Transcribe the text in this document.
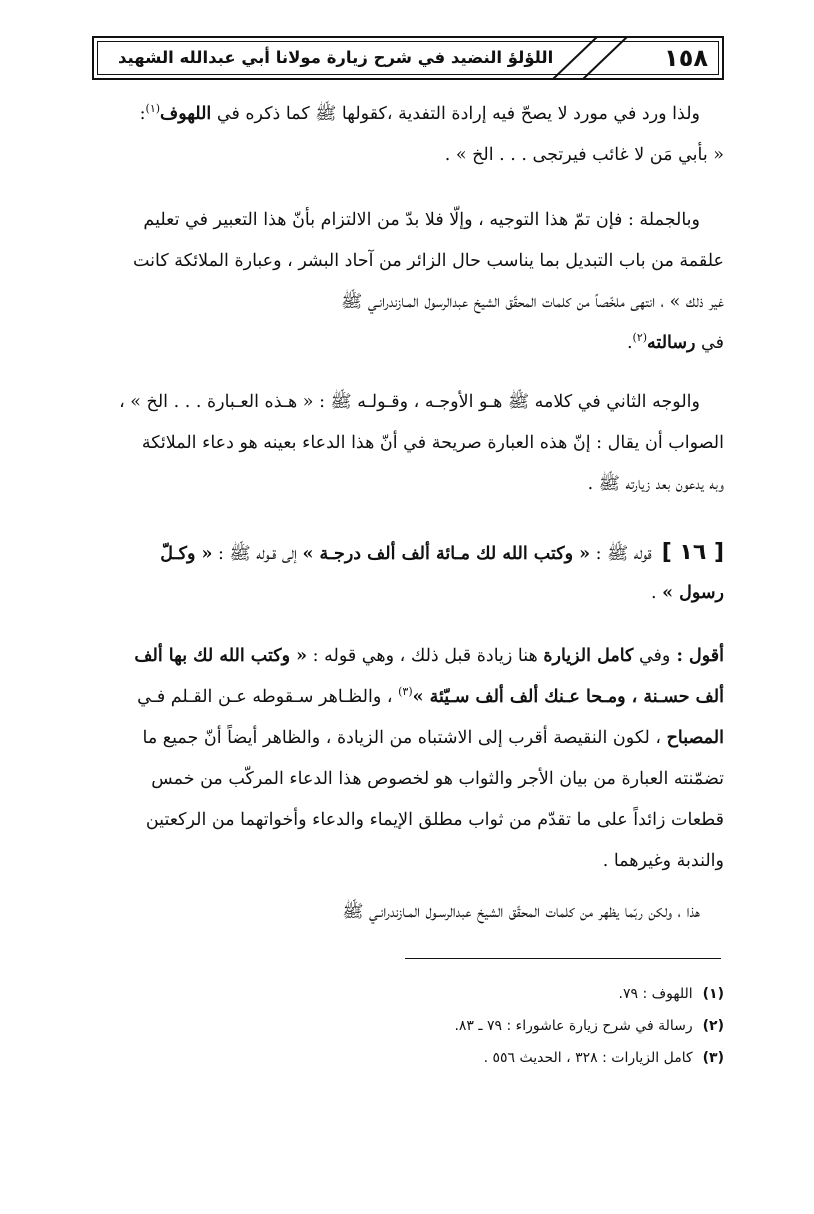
١٥٨
اللؤلؤ النضيد في شرح زيارة مولانا أبي عبدالله الشهيد
ولذا ورد في مورد لا يصحّ فيه إرادة التفدية ،كقولها ﷺ كما ذكره في اللهوف$^{(١)}$:
« بأبي مَن لا غائب فيرتجى . . . الخ » .
وبالجملة : فإن تمّ هذا التوجيه ، وإلّا فلا بدّ من الالتزام بأنّ هذا التعبير في تعليم
علقمة من باب التبديل بما يناسب حال الزائر من آحاد البشر ، وعبارة الملائكة كانت
غير ذلك » ، انتهى ملخّصاً من كلمات المحقّق الشيخ عبدالرسول المـازندرانـي ﷺ
في رسالته$^{(٢)}$.
والوجه الثاني في كلامه ﷺ هـو الأوجـه ، وقـولـه ﷺ : « هـذه العـبارة . . . الخ » ،
الصواب أن يقال : إنّ هذه العبارة صريحة في أنّ هذا الدعاء بعينه هو دعاء الملائكة
وبه يدعون بعد زيارته ﷺ .
[ ١٦ ]قوله ﷺ : « وكتب الله لك مـائة ألف ألف درجـة » إلى قـوله ﷺ : « وكـلّ
رسول » .
أقول : وفي كامل الزيارة هنا زيادة قبل ذلك ، وهي قوله : « وكتب الله لك بها ألف
ألف حسـنة ، ومـحا عـنك ألف ألف سـيّئة »$^{(٣)}$ ، والظـاهر سـقوطه عـن القـلم فـي
المصباح ، لكون النقيصة أقرب إلى الاشتباه من الزيادة ، والظاهر أيضاً أنّ جميع ما
تضمّنته العبارة من بيان الأجر والثواب هو لخصوص هذا الدعاء المركّب من خمس
قطعات زائداً على ما تقدّم من ثواب مطلق الإيماء والدعاء وأخواتهما من الركعتين
والندبة وغيرهما .
هذا ، ولكن ربّما يظهر من كلمات المحقّق الشيخ عبدالرسـول المـازندرانـي ﷺ
(١)اللهوف : ٧٩.
(٢)رسالة في شرح زيارة عاشوراء : ٧٩ ـ ٨٣.
(٣)كامل الزيارات : ٣٢٨ ، الحديث ٥٥٦ .
